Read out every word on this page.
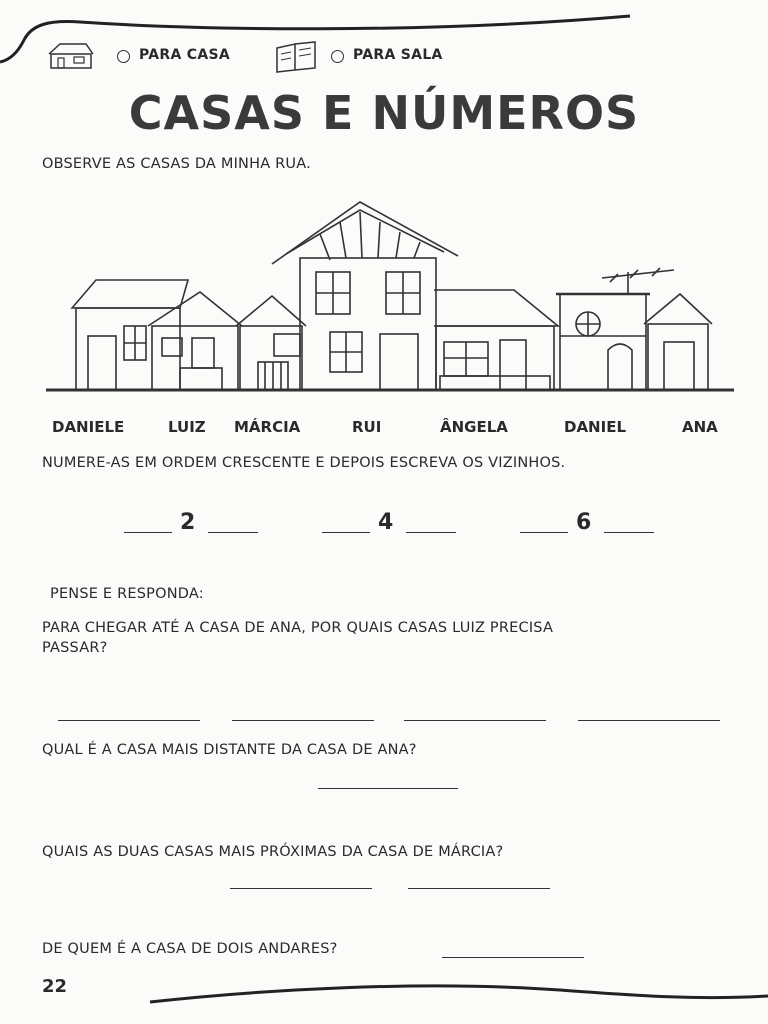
PARA CASA	PARA SALA
CASAS E NÚMEROS
OBSERVE AS CASAS DA MINHA RUA.
DANIELE	LUIZ MÁRCIA	RUI	ÂNGELA	DANIEL	ANA
NUMERE-AS EM ORDEM CRESCENTE E DEPOIS ESCREVA OS VIZINHOS.
2	4	6
PENSE E RESPONDA:
PARA CHEGAR ATÉ A CASA DE ANA, POR QUAIS CASAS LUIZ PRECISA
PASSAR?
QUAL É A CASA MAIS DISTANTE DA CASA DE ANA?
QUAIS AS DUAS CASAS MAIS PRÓXIMAS DA CASA DE MÁRCIA?
DE QUEM É A CASA DE DOIS ANDARES?
22
